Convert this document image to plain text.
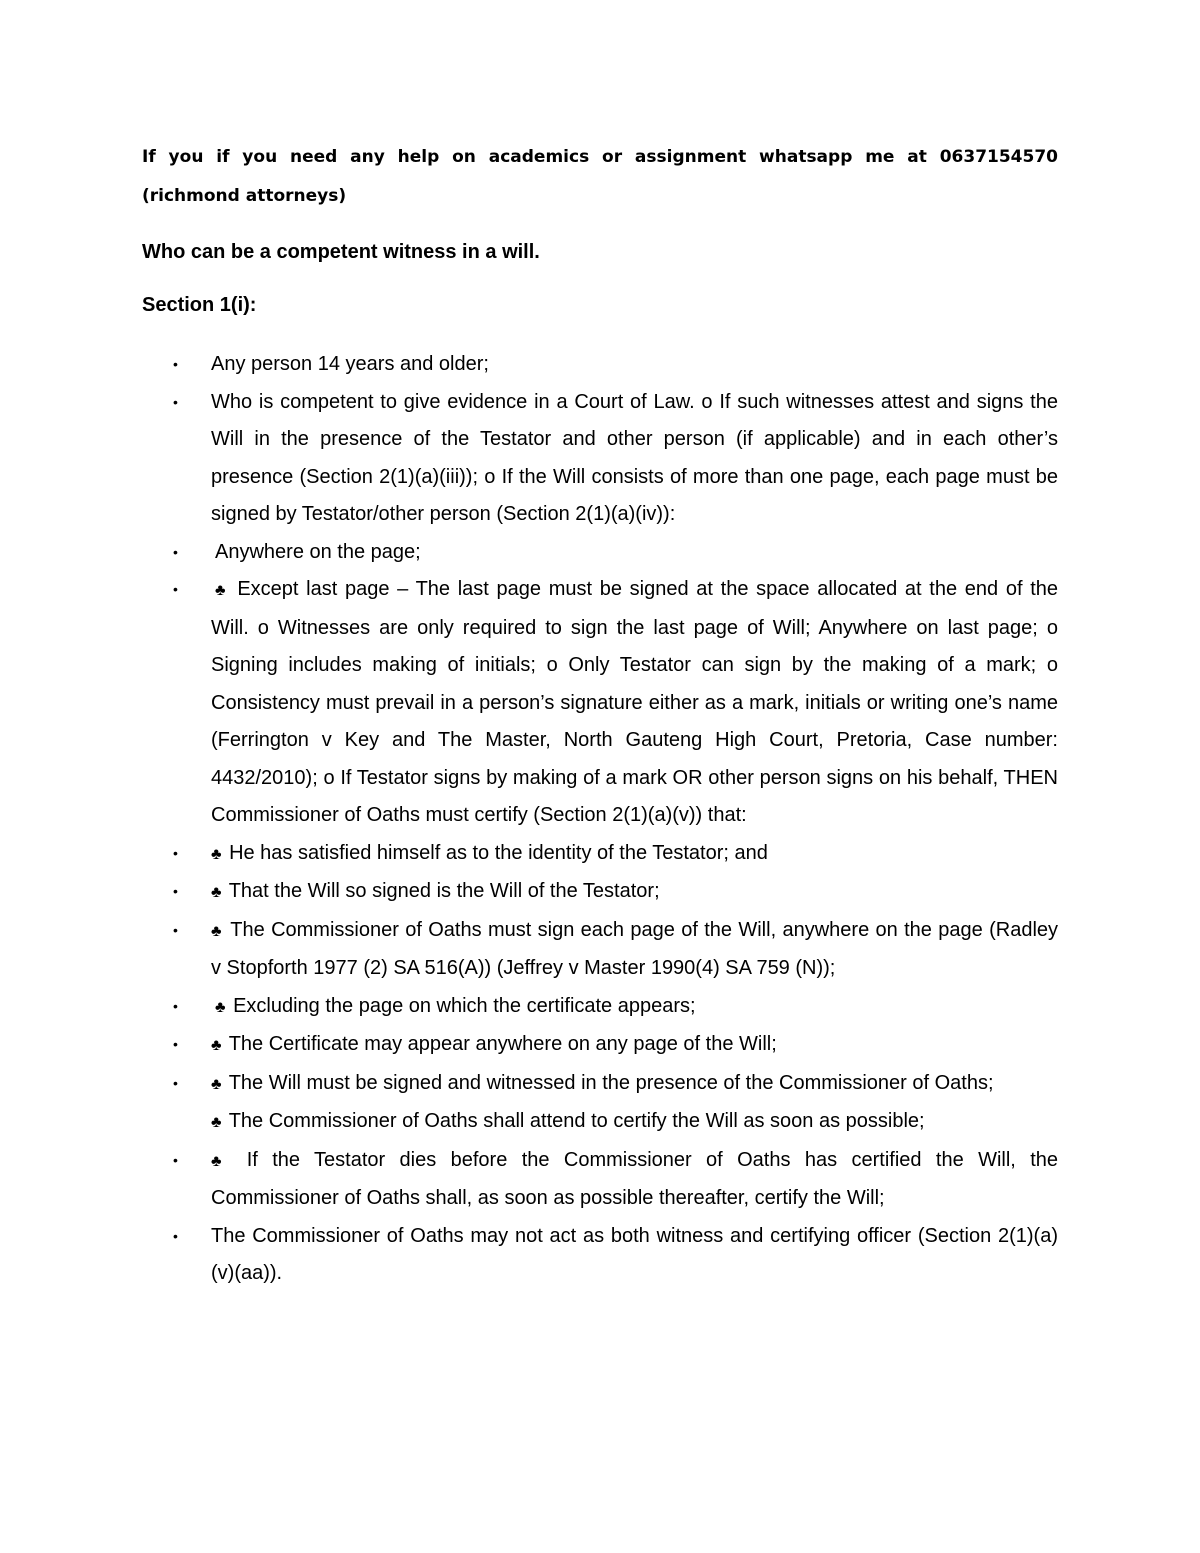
If you if you need any help on academics or assignment whatsapp me at 0637154570 (richmond attorneys)

Who can be a competent witness in a will.

Section 1(i):

• Any person 14 years and older;
• Who is competent to give evidence in a Court of Law. o If such witnesses attest and signs the Will in the presence of the Testator and other person (if applicable) and in each other’s presence (Section 2(1)(a)(iii)); o If the Will consists of more than one page, each page must be signed by Testator/other person (Section 2(1)(a)(iv)):
• Anywhere on the page;
• ♣ Except last page – The last page must be signed at the space allocated at the end of the Will. o Witnesses are only required to sign the last page of Will; Anywhere on last page; o Signing includes making of initials; o Only Testator can sign by the making of a mark; o Consistency must prevail in a person’s signature either as a mark, initials or writing one’s name (Ferrington v Key and The Master, North Gauteng High Court, Pretoria, Case number: 4432/2010); o If Testator signs by making of a mark OR other person signs on his behalf, THEN Commissioner of Oaths must certify (Section 2(1)(a)(v)) that:
• ♣ He has satisfied himself as to the identity of the Testator; and
• ♣ That the Will so signed is the Will of the Testator;
• ♣ The Commissioner of Oaths must sign each page of the Will, anywhere on the page (Radley v Stopforth 1977 (2) SA 516(A)) (Jeffrey v Master 1990(4) SA 759 (N));
• ♣ Excluding the page on which the certificate appears;
• ♣ The Certificate may appear anywhere on any page of the Will;
• ♣ The Will must be signed and witnessed in the presence of the Commissioner of Oaths;
♣ The Commissioner of Oaths shall attend to certify the Will as soon as possible;
• ♣ If the Testator dies before the Commissioner of Oaths has certified the Will, the Commissioner of Oaths shall, as soon as possible thereafter, certify the Will;
• The Commissioner of Oaths may not act as both witness and certifying officer (Section 2(1)(a)(v)(aa)).
